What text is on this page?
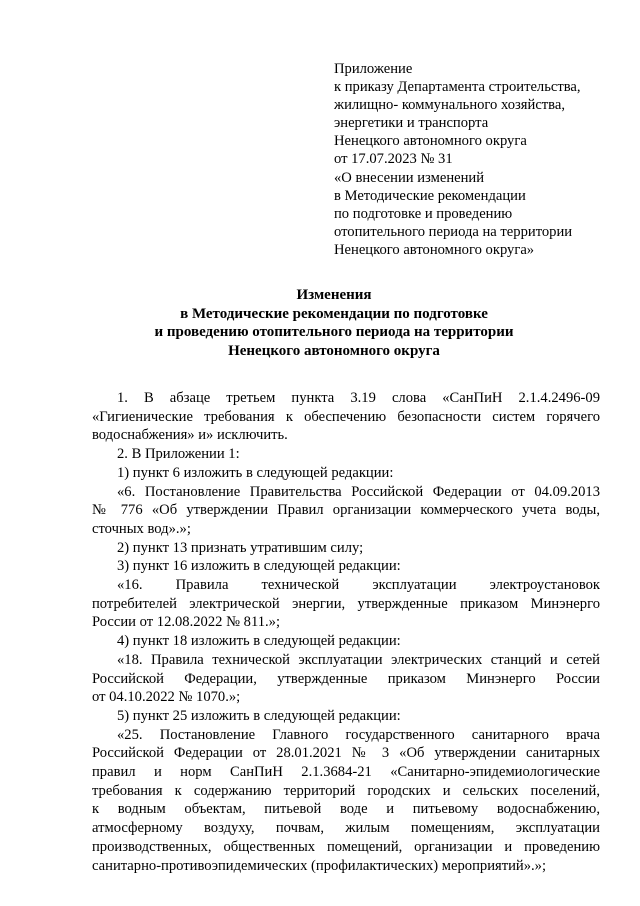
Приложение
к приказу Департамента строительства,
жилищно- коммунального хозяйства,
энергетики и транспорта
Ненецкого автономного округа
от 17.07.2023 № 31
«О внесении изменений
в Методические рекомендации
по подготовке и проведению
отопительного периода на территории
Ненецкого автономного округа»
Изменения
в Методические рекомендации по подготовке
и проведению отопительного периода на территории
Ненецкого автономного округа
1. В абзаце третьем пункта 3.19 слова «СанПиН 2.1.4.2496-09
«Гигиенические требования к обеспечению безопасности систем горячего
водоснабжения» и» исключить.
2. В Приложении 1:
1) пункт 6 изложить в следующей редакции:
«6. Постановление Правительства Российской Федерации от 04.09.2013
№ 776 «Об утверждении Правил организации коммерческого учета воды,
сточных вод».»;
2) пункт 13 признать утратившим силу;
3) пункт 16 изложить в следующей редакции:
«16. Правила технической эксплуатации электроустановок
потребителей электрической энергии, утвержденные приказом Минэнерго
России от 12.08.2022 № 811.»;
4) пункт 18 изложить в следующей редакции:
«18. Правила технической эксплуатации электрических станций и сетей
Российской Федерации, утвержденные приказом Минэнерго России
от 04.10.2022 № 1070.»;
5) пункт 25 изложить в следующей редакции:
«25. Постановление Главного государственного санитарного врача
Российской Федерации от 28.01.2021 № 3 «Об утверждении санитарных
правил и норм СанПиН 2.1.3684-21 «Санитарно-эпидемиологические
требования к содержанию территорий городских и сельских поселений,
к водным объектам, питьевой воде и питьевому водоснабжению,
атмосферному воздуху, почвам, жилым помещениям, эксплуатации
производственных, общественных помещений, организации и проведению
санитарно-противоэпидемических (профилактических) мероприятий».»;
